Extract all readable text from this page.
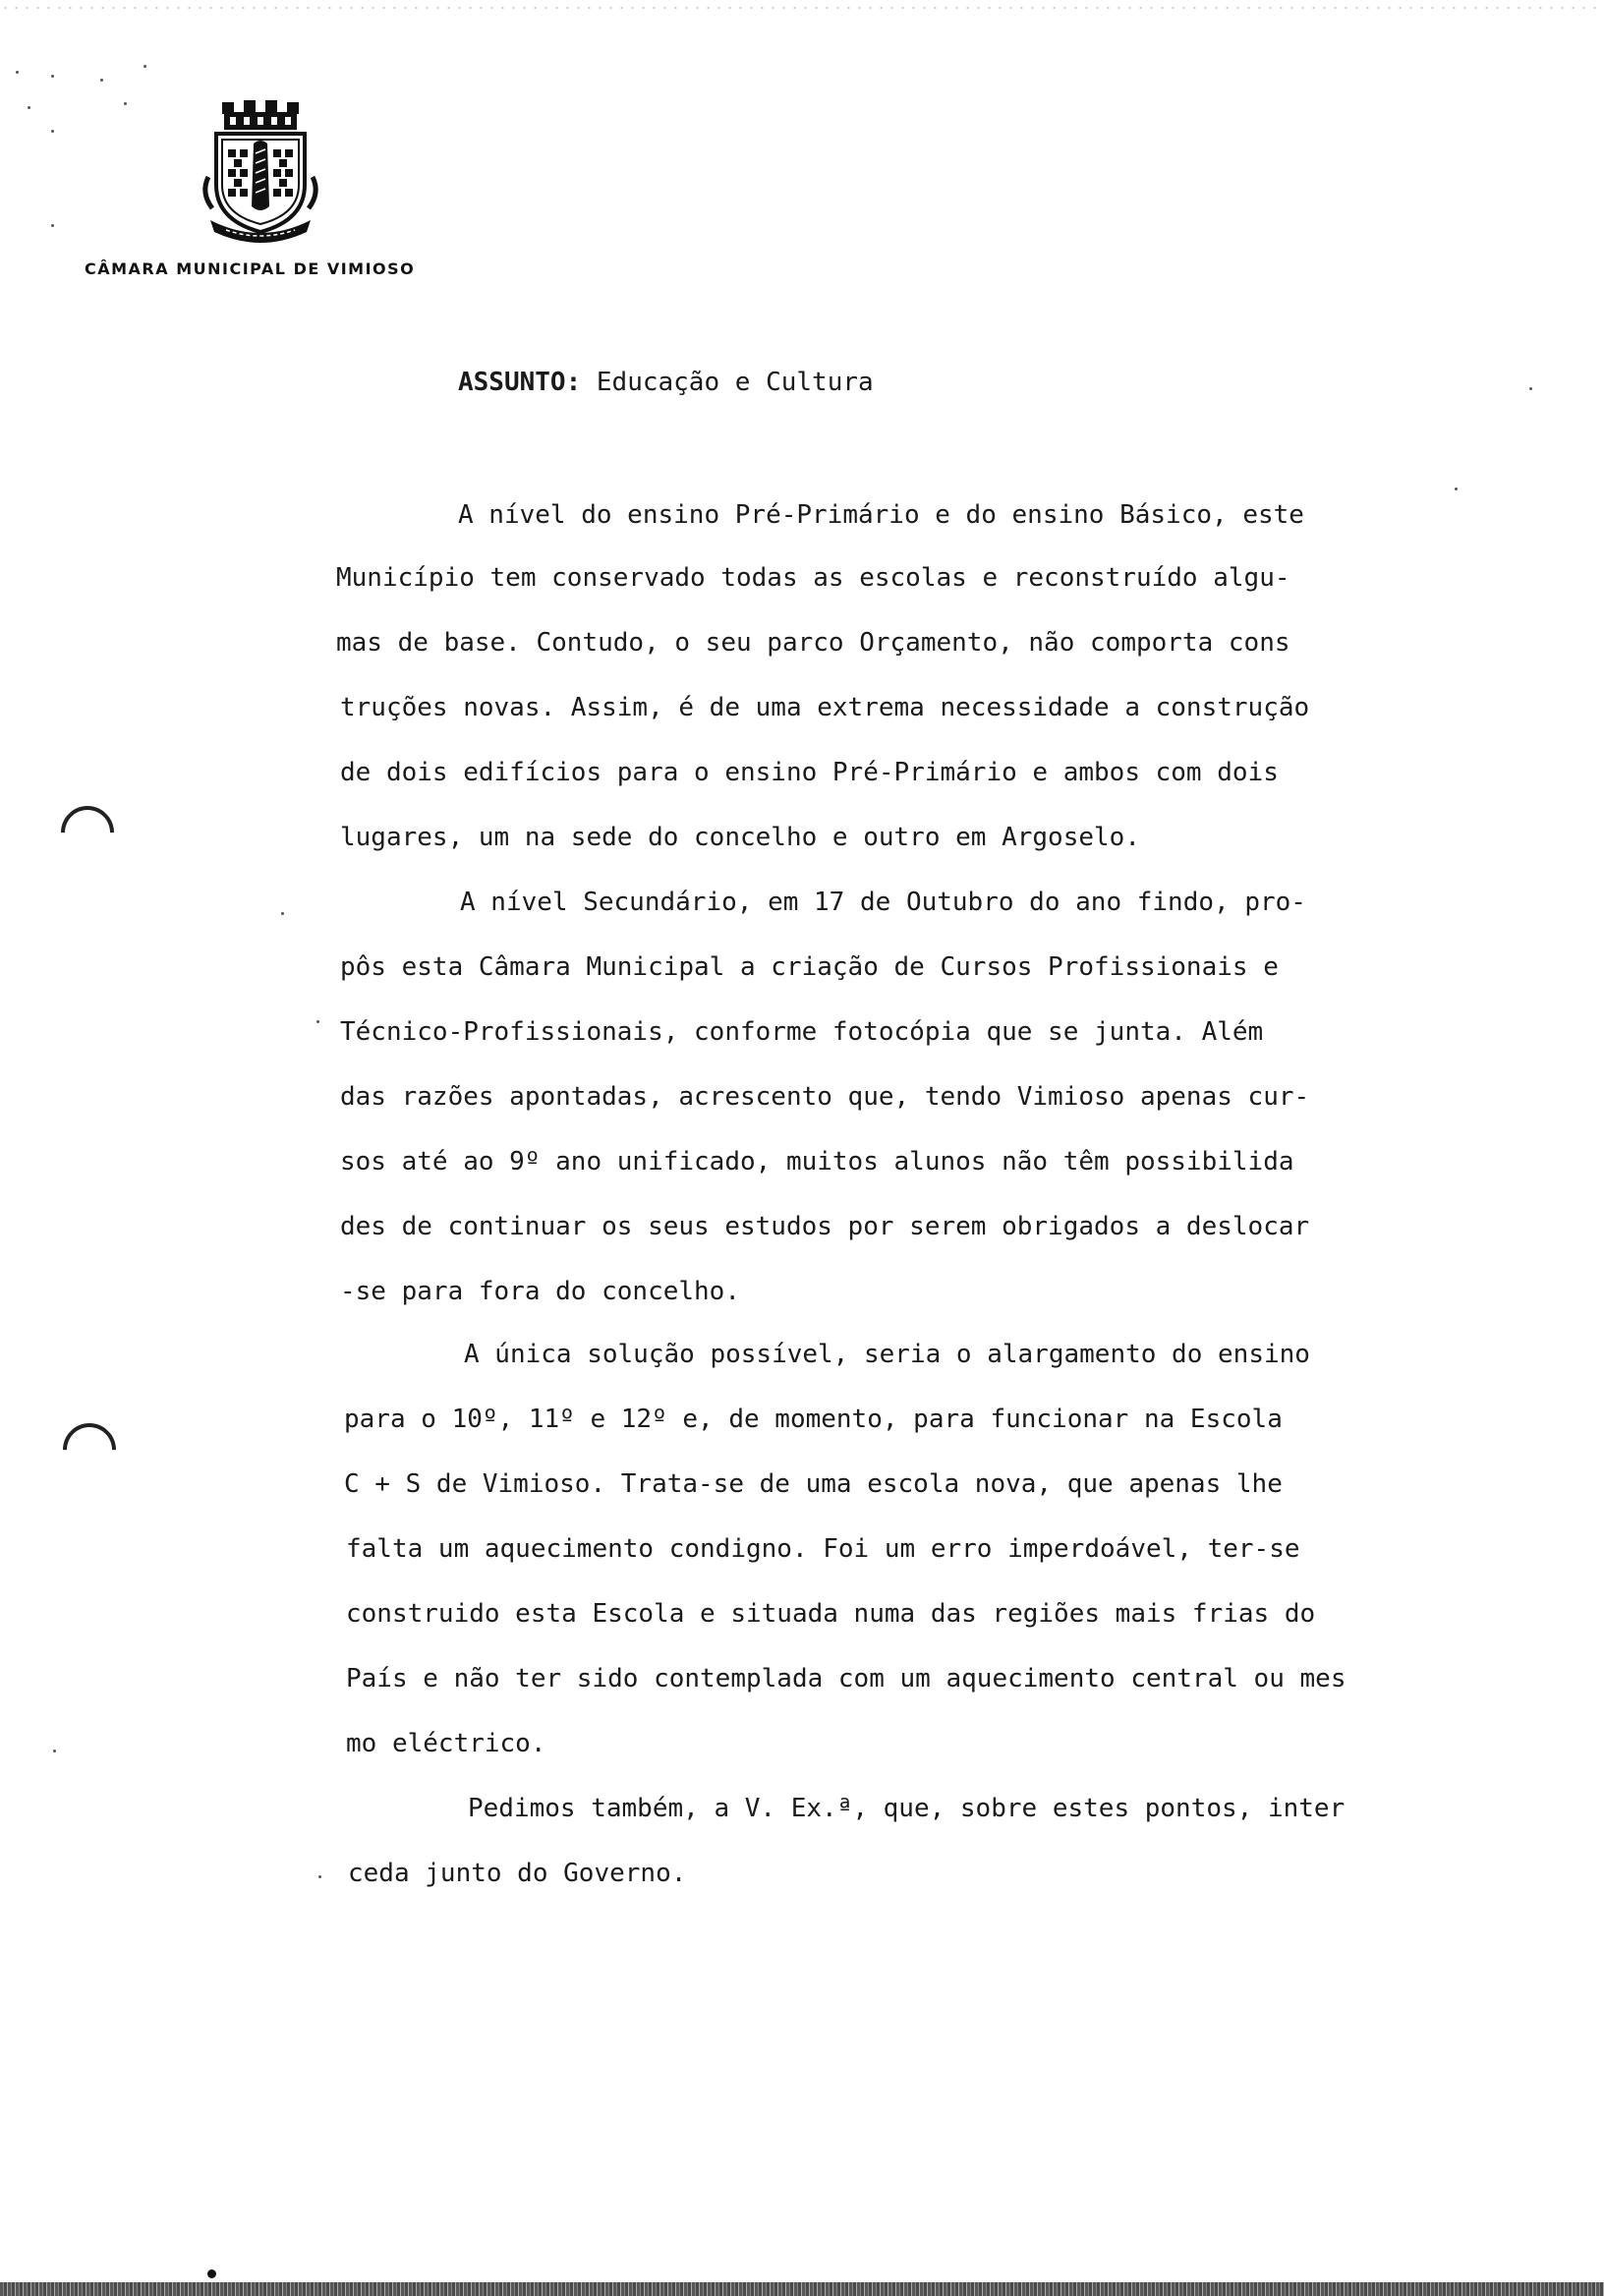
CÂMARA MUNICIPAL DE VIMIOSO
ASSUNTO: Educação e Cultura
A nível do ensino Pré-Primário e do ensino Básico, este
Município tem conservado todas as escolas e reconstruído algu-
mas de base. Contudo, o seu parco Orçamento, não comporta cons
truções novas. Assim, é de uma extrema necessidade a construção
de dois edifícios para o ensino Pré-Primário e ambos com dois
lugares, um na sede do concelho e outro em Argoselo.
A nível Secundário, em 17 de Outubro do ano findo, pro-
pôs esta Câmara Municipal a criação de Cursos Profissionais e
Técnico-Profissionais, conforme fotocópia que se junta. Além
das razões apontadas, acrescento que, tendo Vimioso apenas cur-
sos até ao 9º ano unificado, muitos alunos não têm possibilida
des de continuar os seus estudos por serem obrigados a deslocar
-se para fora do concelho.
A única solução possível, seria o alargamento do ensino
para o 10º, 11º e 12º e, de momento, para funcionar na Escola
C + S de Vimioso. Trata-se de uma escola nova, que apenas lhe
falta um aquecimento condigno. Foi um erro imperdoável, ter-se
construido esta Escola e situada numa das regiões mais frias do
País e não ter sido contemplada com um aquecimento central ou mes
mo eléctrico.
Pedimos também, a V. Ex.ª, que, sobre estes pontos, inter
ceda junto do Governo.
